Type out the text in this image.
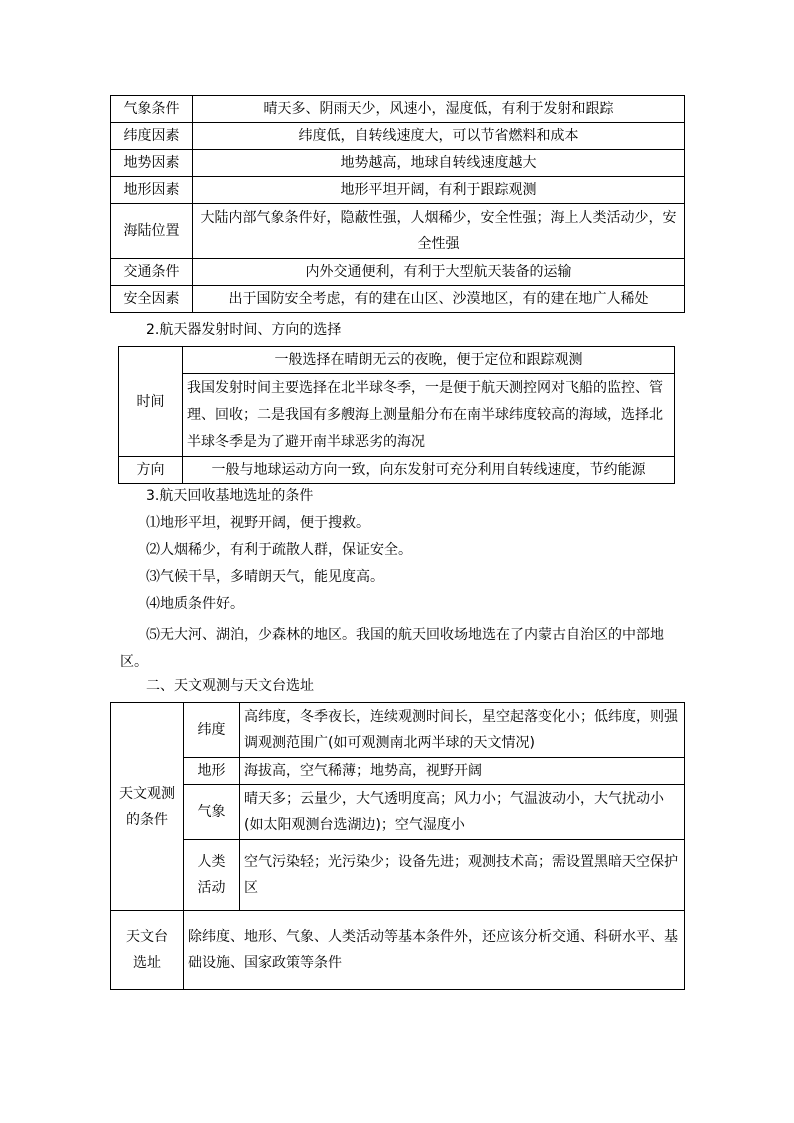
气象条件	晴天多、阴雨天少，风速小，湿度低，有利于发射和跟踪
纬度因素	纬度低，自转线速度大，可以节省燃料和成本
地势因素	地势越高，地球自转线速度越大
地形因素	地形平坦开阔，有利于跟踪观测
海陆位置	大陆内部气象条件好，隐蔽性强，人烟稀少，安全性强；海上人类活动少，安全性强
交通条件	内外交通便利，有利于大型航天装备的运输
安全因素	出于国防安全考虑，有的建在山区、沙漠地区，有的建在地广人稀处
2.航天器发射时间、方向的选择
时间	一般选择在晴朗无云的夜晚，便于定位和跟踪观测
	我国发射时间主要选择在北半球冬季，一是便于航天测控网对飞船的监控、管理、回收；二是我国有多艘海上测量船分布在南半球纬度较高的海域，选择北半球冬季是为了避开南半球恶劣的海况
方向	一般与地球运动方向一致，向东发射可充分利用自转线速度，节约能源
3.航天回收基地选址的条件
⑴地形平坦，视野开阔，便于搜救。
⑵人烟稀少，有利于疏散人群，保证安全。
⑶气候干旱，多晴朗天气，能见度高。
⑷地质条件好。
⑸无大河、湖泊，少森林的地区。我国的航天回收场地选在了内蒙古自治区的中部地区。
二、天文观测与天文台选址
天文观测的条件	纬度	高纬度，冬季夜长，连续观测时间长，星空起落变化小；低纬度，则强调观测范围广(如可观测南北两半球的天文情况)
	地形	海拔高，空气稀薄；地势高，视野开阔
	气象	晴天多；云量少，大气透明度高；风力小；气温波动小，大气扰动小(如太阳观测台选湖边)；空气湿度小
	人类活动	空气污染轻；光污染少；设备先进；观测技术高；需设置黑暗天空保护区
天文台选址	除纬度、地形、气象、人类活动等基本条件外，还应该分析交通、科研水平、基础设施、国家政策等条件	
